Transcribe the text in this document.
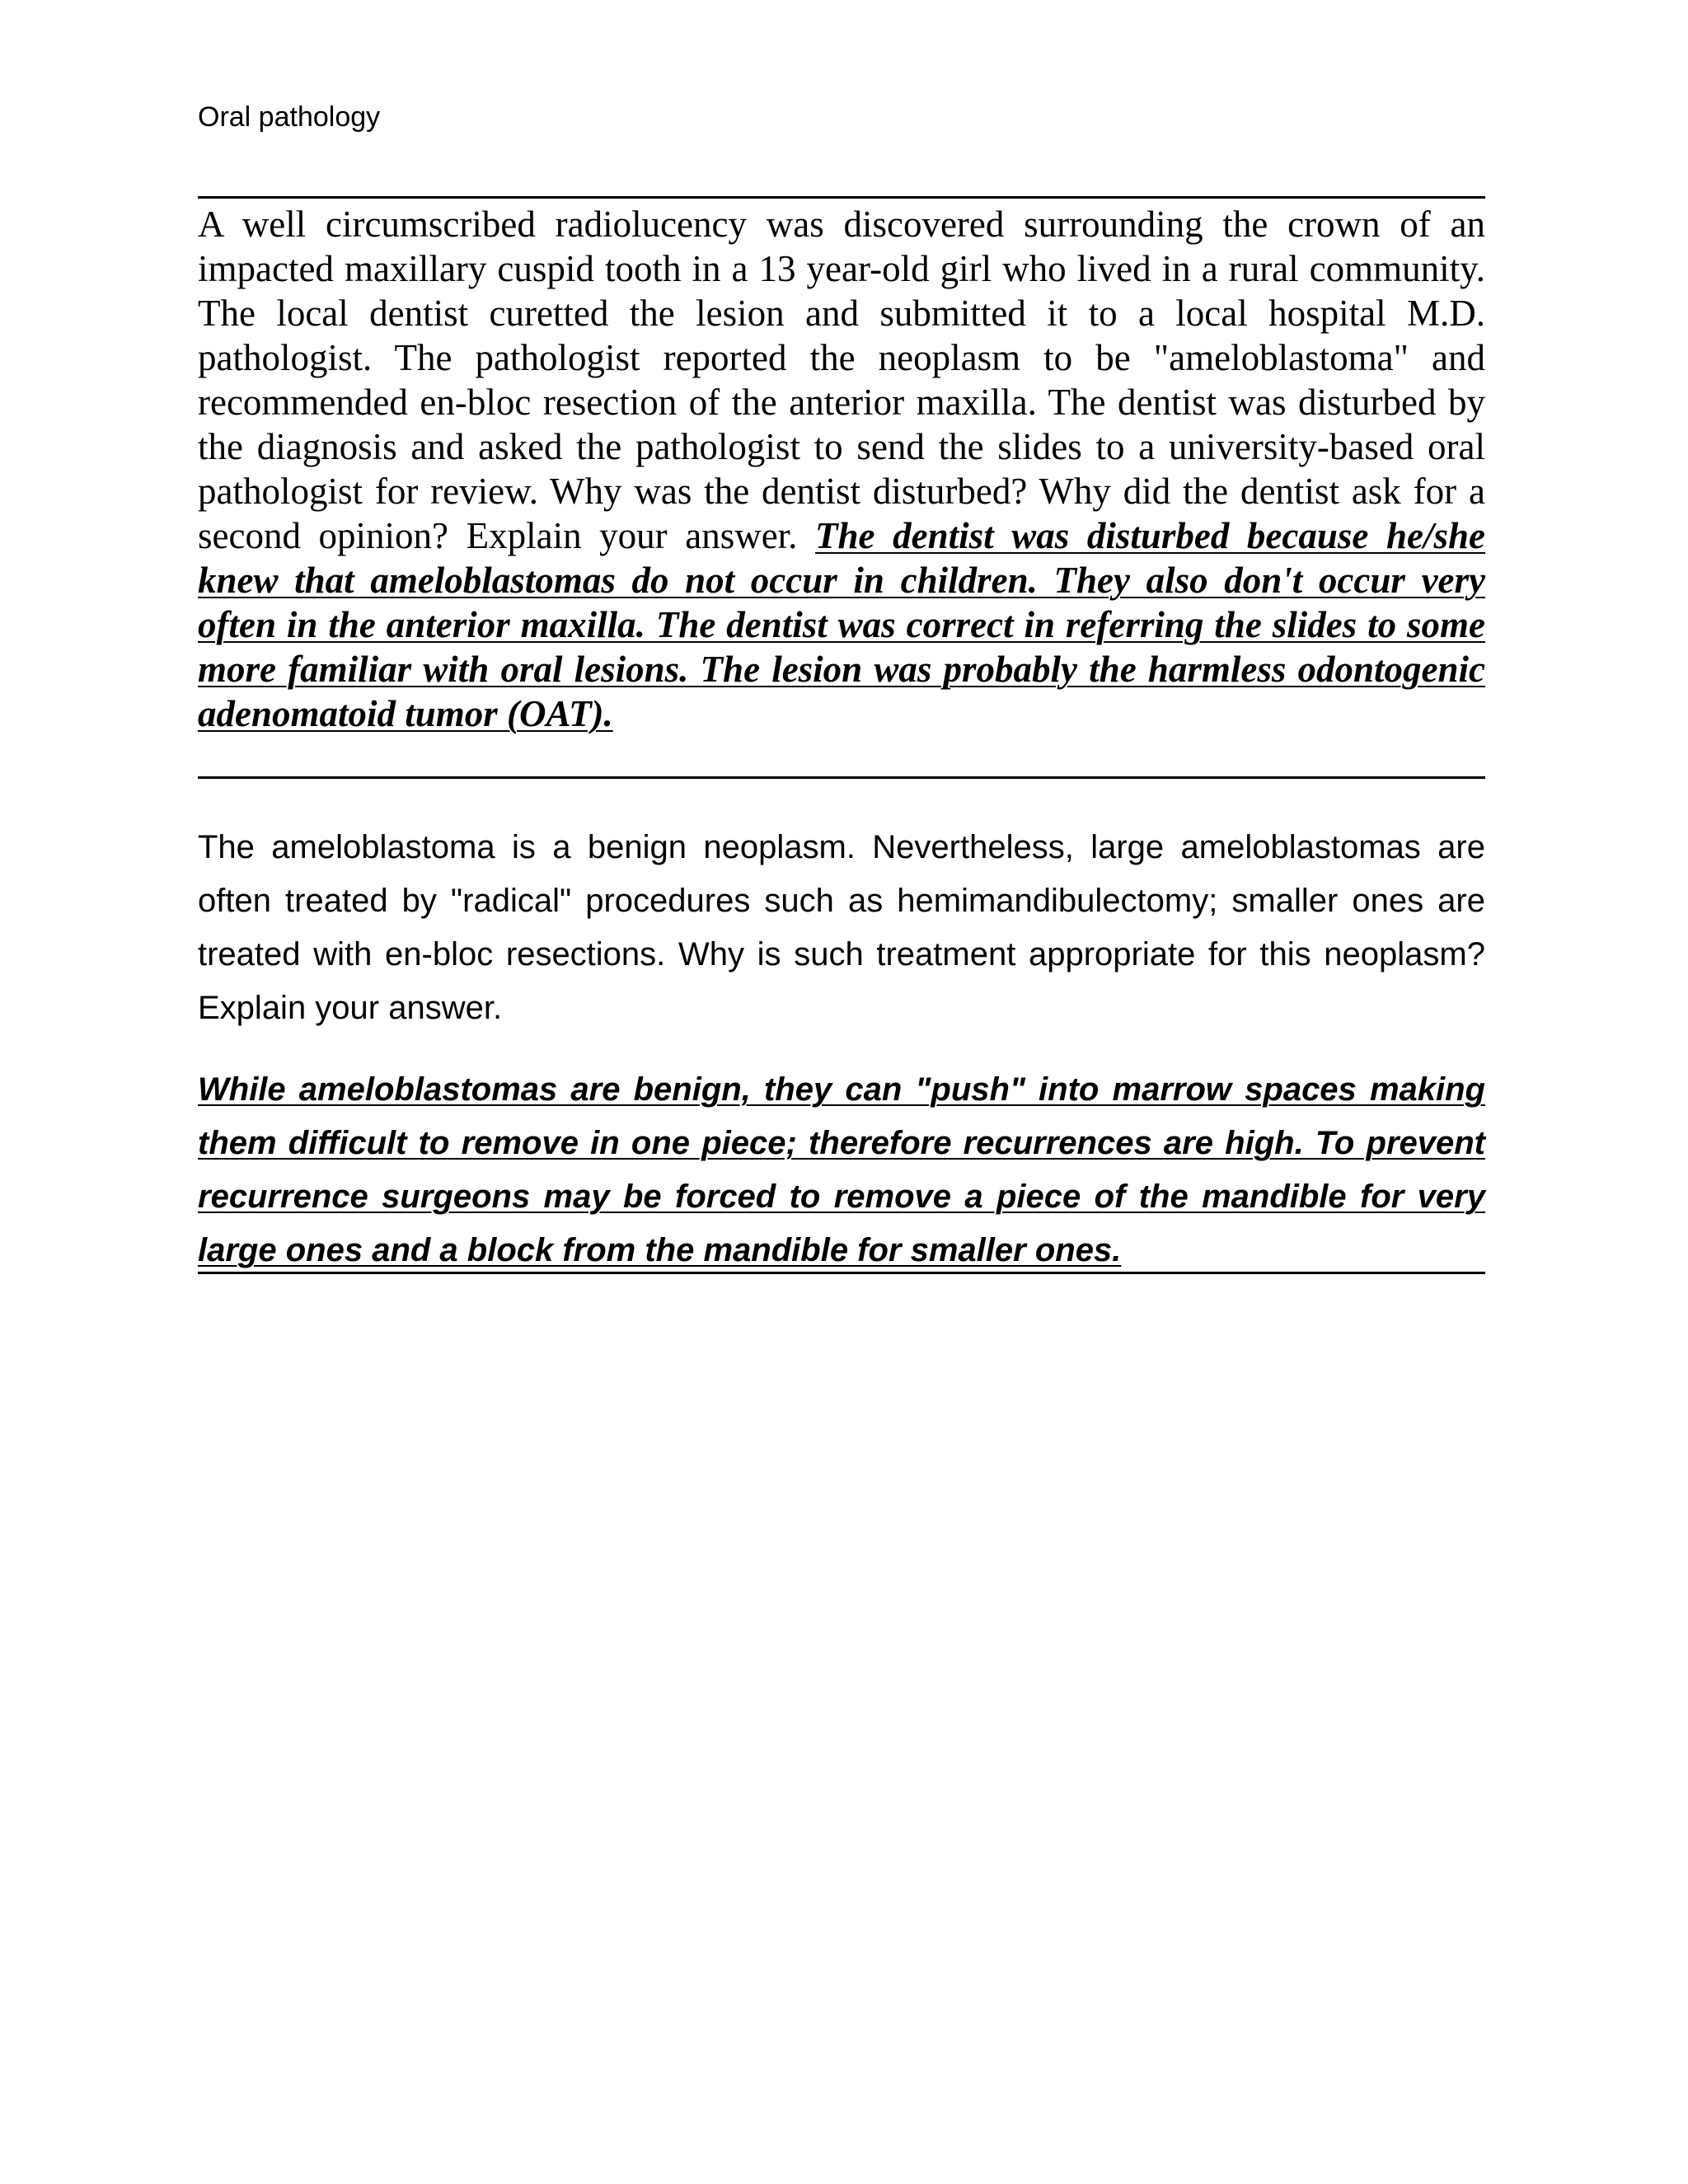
Oral pathology

A well circumscribed radiolucency was discovered surrounding the crown of an impacted maxillary cuspid tooth in a 13 year-old girl who lived in a rural community. The local dentist curetted the lesion and submitted it to a local hospital M.D. pathologist. The pathologist reported the neoplasm to be "ameloblastoma" and recommended en-bloc resection of the anterior maxilla. The dentist was disturbed by the diagnosis and asked the pathologist to send the slides to a university-based oral pathologist for review. Why was the dentist disturbed? Why did the dentist ask for a second opinion? Explain your answer. The dentist was disturbed because he/she knew that ameloblastomas do not occur in children. They also don't occur very often in the anterior maxilla. The dentist was correct in referring the slides to some more familiar with oral lesions. The lesion was probably the harmless odontogenic adenomatoid tumor (OAT).

The ameloblastoma is a benign neoplasm. Nevertheless, large ameloblastomas are often treated by "radical" procedures such as hemimandibulectomy; smaller ones are treated with en-bloc resections. Why is such treatment appropriate for this neoplasm? Explain your answer.

While ameloblastomas are benign, they can "push" into marrow spaces making them difficult to remove in one piece; therefore recurrences are high. To prevent recurrence surgeons may be forced to remove a piece of the mandible for very large ones and a block from the mandible for smaller ones.
